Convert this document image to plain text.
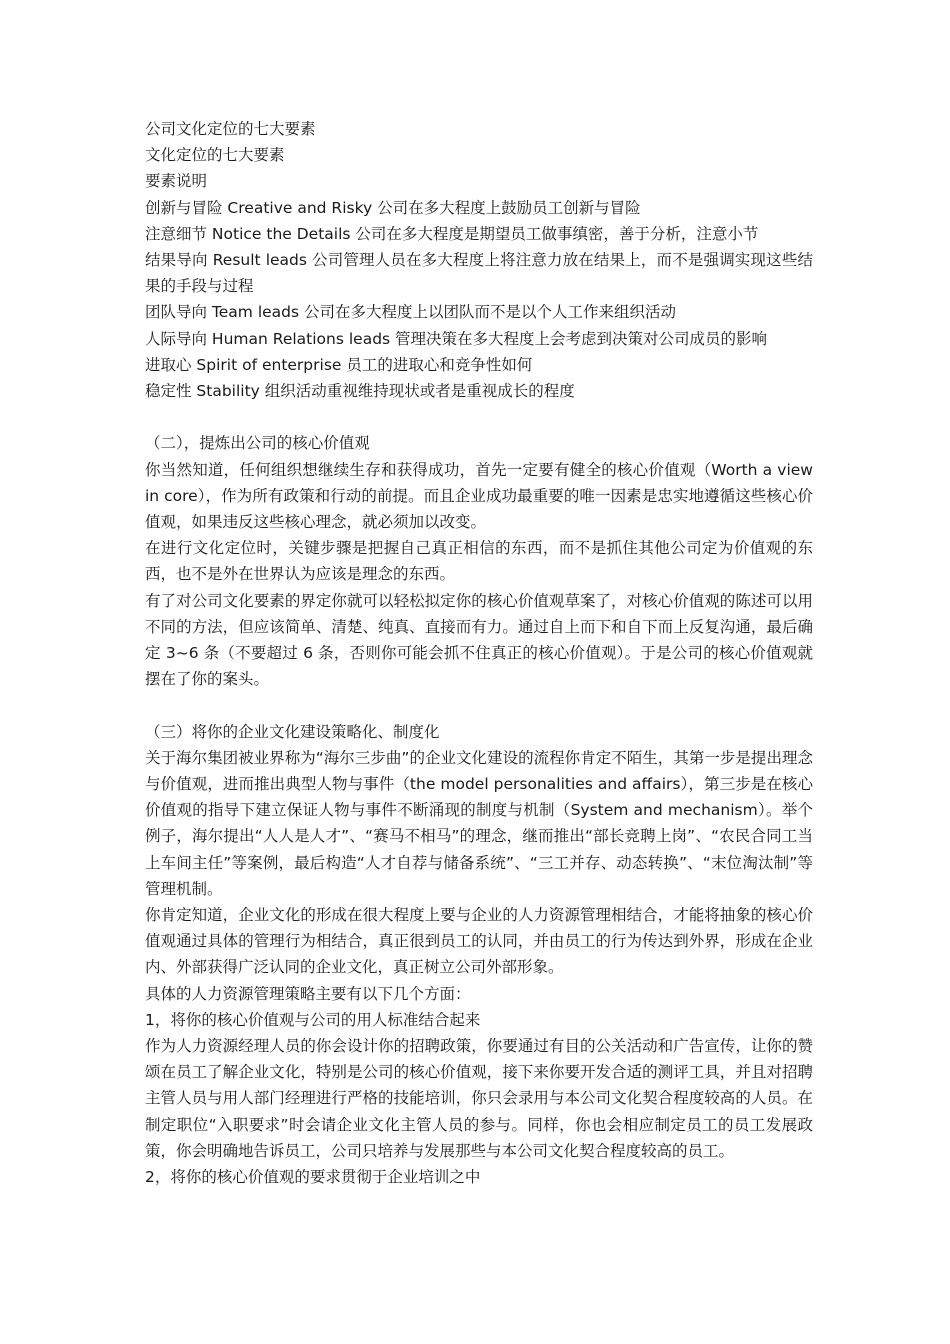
公司文化定位的七大要素
文化定位的七大要素
要素说明
创新与冒险 Creative and Risky 公司在多大程度上鼓励员工创新与冒险
注意细节 Notice the Details 公司在多大程度是期望员工做事缜密，善于分析，注意小节
结果导向 Result leads 公司管理人员在多大程度上将注意力放在结果上，而不是强调实现这些结果的手段与过程
团队导向 Team leads 公司在多大程度上以团队而不是以个人工作来组织活动
人际导向 Human Relations leads 管理决策在多大程度上会考虑到决策对公司成员的影响
进取心 Spirit of enterprise 员工的进取心和竞争性如何
稳定性 Stability 组织活动重视维持现状或者是重视成长的程度
（二），提炼出公司的核心价值观
你当然知道，任何组织想继续生存和获得成功，首先一定要有健全的核心价值观（Worth a view in core），作为所有政策和行动的前提。而且企业成功最重要的唯一因素是忠实地遵循这些核心价值观，如果违反这些核心理念，就必须加以改变。
在进行文化定位时，关键步骤是把握自己真正相信的东西，而不是抓住其他公司定为价值观的东西，也不是外在世界认为应该是理念的东西。
有了对公司文化要素的界定你就可以轻松拟定你的核心价值观草案了，对核心价值观的陈述可以用不同的方法，但应该简单、清楚、纯真、直接而有力。通过自上而下和自下而上反复沟通，最后确定 3~6 条（不要超过 6 条，否则你可能会抓不住真正的核心价值观）。于是公司的核心价值观就摆在了你的案头。
（三）将你的企业文化建设策略化、制度化
关于海尔集团被业界称为“海尔三步曲”的企业文化建设的流程你肯定不陌生，其第一步是提出理念与价值观，进而推出典型人物与事件（the model personalities and affairs），第三步是在核心价值观的指导下建立保证人物与事件不断涌现的制度与机制（System and mechanism）。举个例子，海尔提出“人人是人才”、“赛马不相马”的理念，继而推出“部长竞聘上岗”、“农民合同工当上车间主任”等案例，最后构造“人才自荐与储备系统”、“三工并存、动态转换”、“末位淘汰制”等管理机制。
你肯定知道，企业文化的形成在很大程度上要与企业的人力资源管理相结合，才能将抽象的核心价值观通过具体的管理行为相结合，真正很到员工的认同，并由员工的行为传达到外界，形成在企业内、外部获得广泛认同的企业文化，真正树立公司外部形象。
具体的人力资源管理策略主要有以下几个方面：
1，将你的核心价值观与公司的用人标准结合起来
作为人力资源经理人员的你会设计你的招聘政策，你要通过有目的公关活动和广告宣传，让你的赞颂在员工了解企业文化，特别是公司的核心价值观，接下来你要开发合适的测评工具，并且对招聘主管人员与用人部门经理进行严格的技能培训，你只会录用与本公司文化契合程度较高的人员。在制定职位“入职要求”时会请企业文化主管人员的参与。同样，你也会相应制定员工的员工发展政策，你会明确地告诉员工，公司只培养与发展那些与本公司文化契合程度较高的员工。
2，将你的核心价值观的要求贯彻于企业培训之中
